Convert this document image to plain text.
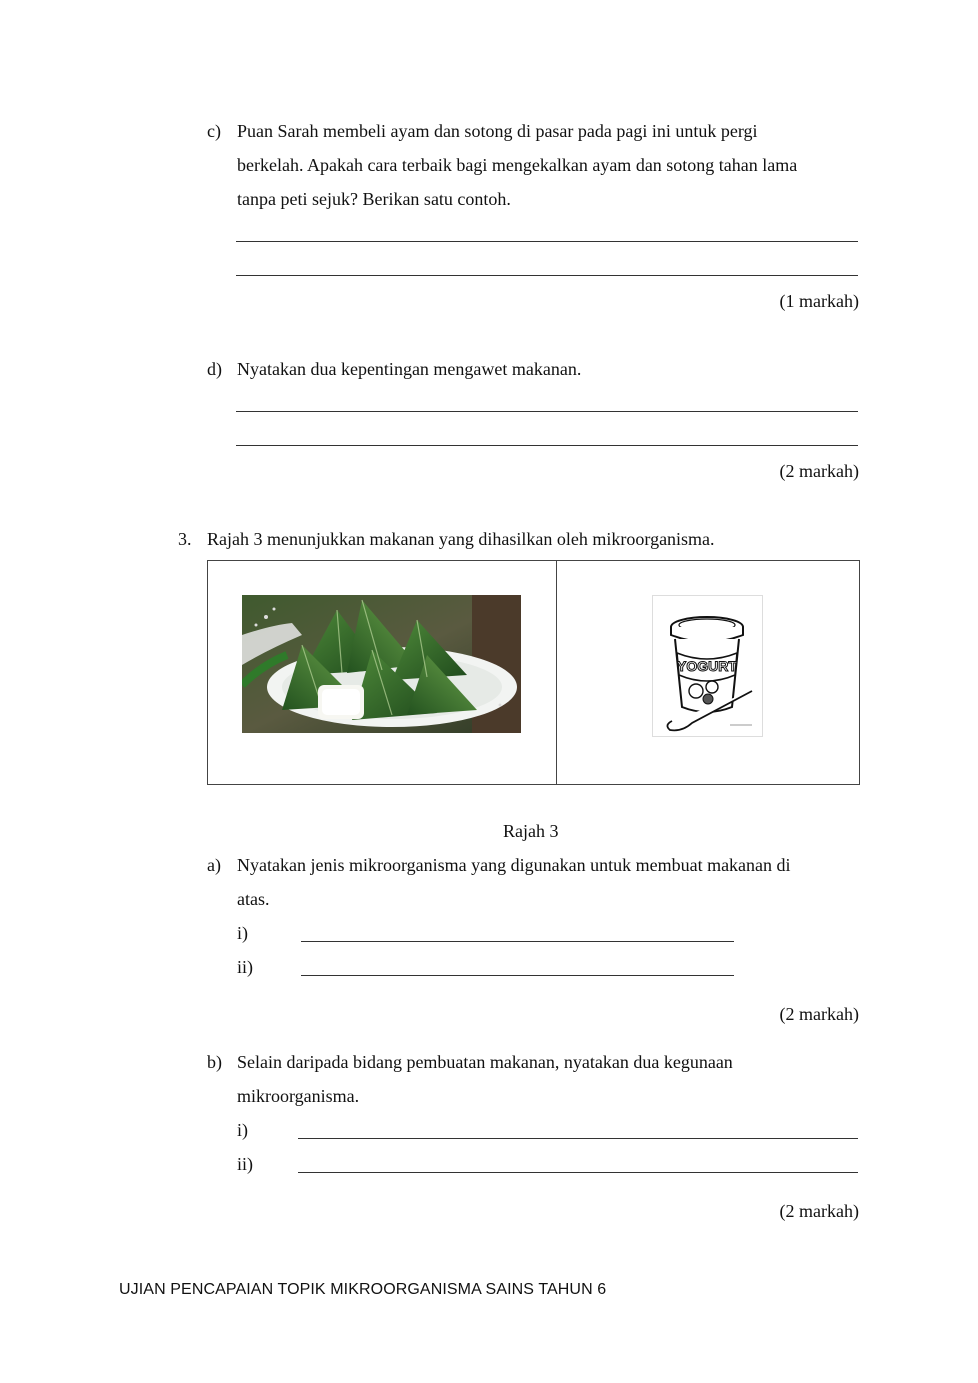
c) Puan Sarah membeli ayam dan sotong di pasar pada pagi ini untuk pergi
berkelah. Apakah cara terbaik bagi mengekalkan ayam dan sotong tahan lama
tanpa peti sejuk? Berikan satu contoh.
(1 markah)
d) Nyatakan dua kepentingan mengawet makanan.
(2 markah)
3. Rajah 3 menunjukkan makanan yang dihasilkan oleh mikroorganisma.
YOGURT
Rajah 3
a) Nyatakan jenis mikroorganisma yang digunakan untuk membuat makanan di
atas.
i)
ii)
(2 markah)
b) Selain daripada bidang pembuatan makanan, nyatakan dua kegunaan
mikroorganisma.
i)
ii)
(2 markah)
UJIAN PENCAPAIAN TOPIK MIKROORGANISMA SAINS TAHUN 6
